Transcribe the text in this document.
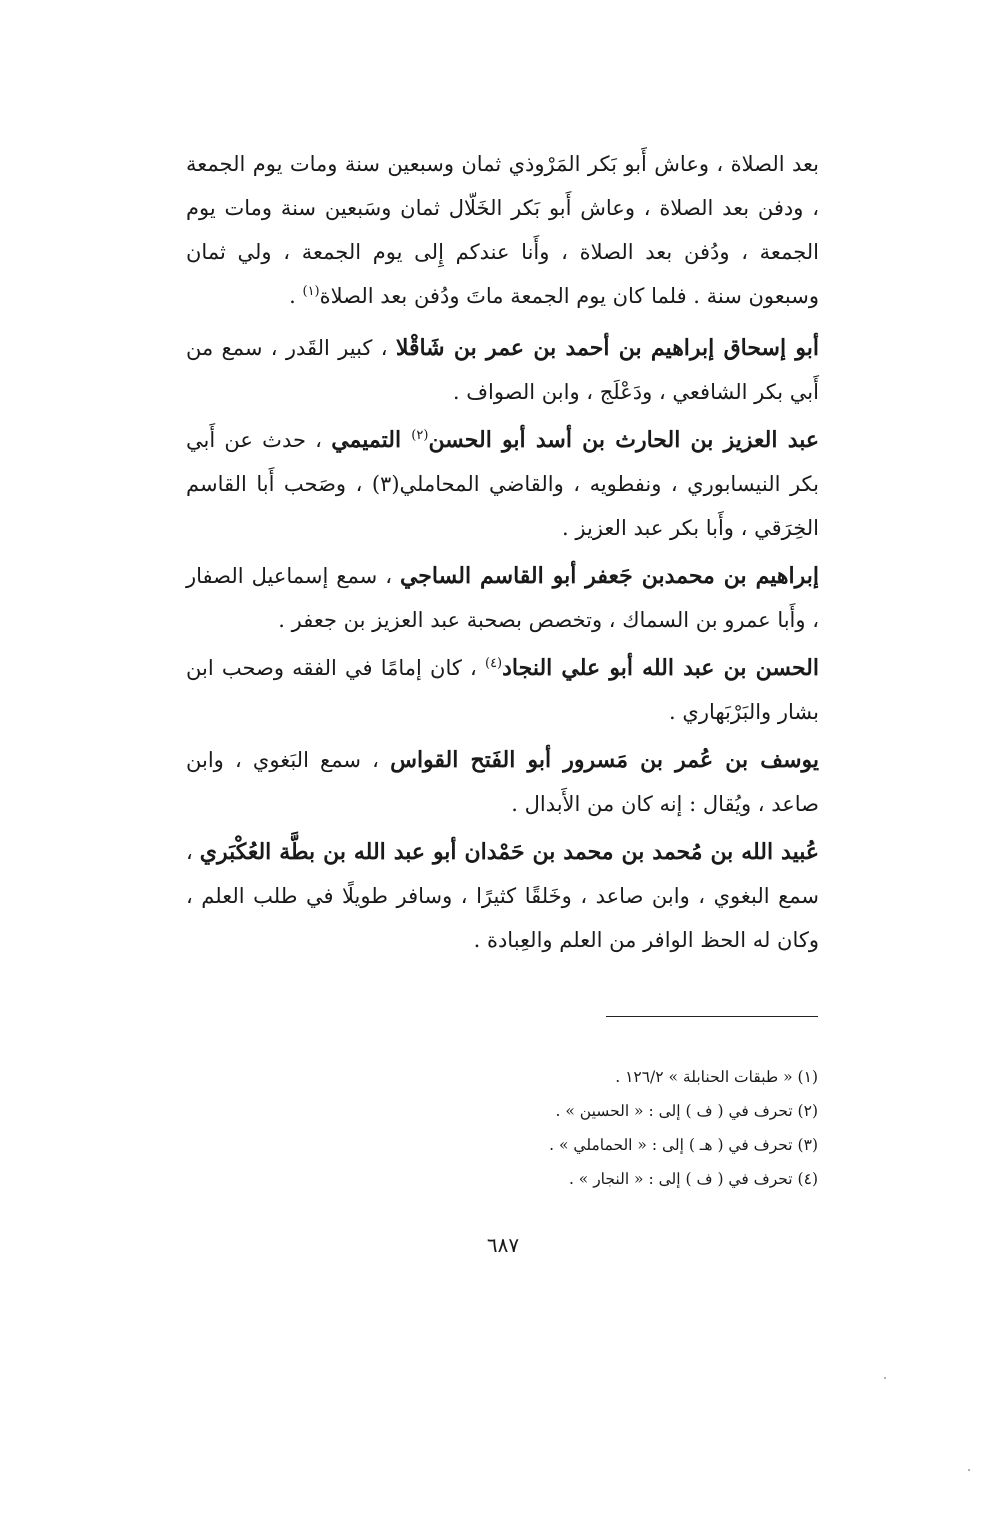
بعد الصلاة ، وعاش أَبو بَكر المَرْوذي ثمان وسبعين سنة ومات يوم الجمعة ، ودفن بعد الصلاة ، وعاش أَبو بَكر الخَلّال ثمان وسَبعين سنة ومات يوم الجمعة ، ودُفن بعد الصلاة ، وأَنا عندكم إِلى يوم الجمعة ، ولي ثمان وسبعون سنة . فلما كان يوم الجمعة ماتَ ودُفن بعد الصلاة$^{(١)}$ .

أبو إسحاق إبراهيم بن أحمد بن عمر بن شَاقْلا ، كبير القَدر ، سمع من أَبي بكر الشافعي ، ودَعْلَج ، وابن الصواف .

عبد العزيز بن الحارث بن أسد أبو الحسن$^{(٢)}$ التميمي ، حدث عن أَبي بكر النيسابوري ، ونفطويه ، والقاضي المحاملي(٣) ، وصَحب أَبا القاسم الخِرَقي ، وأَبا بكر عبد العزيز .

إبراهيم بن محمدبن جَعفر أبو القاسم الساجي ، سمع إسماعيل الصفار ، وأَبا عمرو بن السماك ، وتخصص بصحبة عبد العزيز بن جعفر .

الحسن بن عبد الله أبو علي النجاد$^{(٤)}$ ، كان إمامًا في الفقه وصحب ابن بشار والبَرْبَهاري .

يوسف بن عُمر بن مَسرور أبو الفَتح القواس ، سمع البَغوي ، وابن صاعد ، ويُقال : إنه كان من الأَبدال .

عُبيد الله بن مُحمد بن محمد بن حَمْدان أبو عبد الله بن بطَّة العُكْبَري ، سمع البغوي ، وابن صاعد ، وخَلقًا كثيرًا ، وسافر طويلًا في طلب العلم ، وكان له الحظ الوافر من العلم والعِبادة .

(١) « طبقات الحنابلة » ١٢٦/٢ .

(٢) تحرف في ( ف ) إلى : « الحسين » .

(٣) تحرف في ( هـ ) إلى : « الحماملي » .

(٤) تحرف في ( ف ) إلى : « النجار » .

٦٨٧
